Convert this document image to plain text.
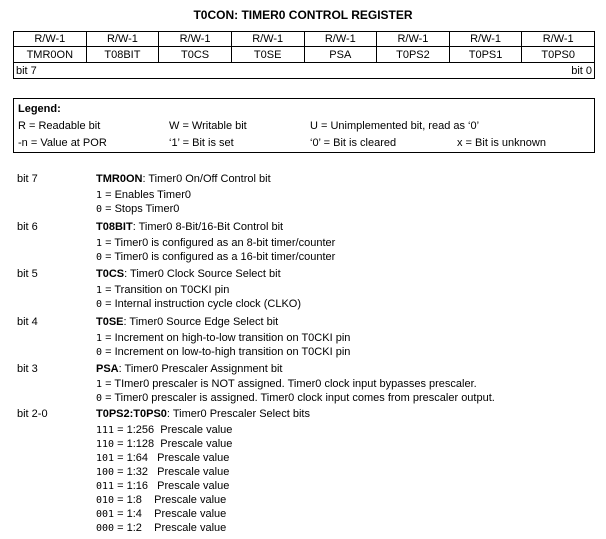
T0CON: TIMER0 CONTROL REGISTER
R/W-1	R/W-1	R/W-1	R/W-1	R/W-1	R/W-1	R/W-1	R/W-1
TMR0ON	T08BIT	T0CS	T0SE	PSA	T0PS2	T0PS1	T0PS0

bit 7 bit 0							
Legend:
R = Readable bit	W = Writable bit	U = Unimplemented bit, read as ‘0’
-n = Value at POR	‘1’ = Bit is set	‘0’ = Bit is cleared	x = Bit is unknown
bit 7	TMR0ON: Timer0 On/Off Control bit
1 = Enables Timer0
0 = Stops Timer0
bit 6	T08BIT: Timer0 8-Bit/16-Bit Control bit
1 = Timer0 is configured as an 8-bit timer/counter
0 = Timer0 is configured as a 16-bit timer/counter
bit 5	T0CS: Timer0 Clock Source Select bit
1 = Transition on T0CKI pin
0 = Internal instruction cycle clock (CLKO)
bit 4	T0SE: Timer0 Source Edge Select bit
1 = Increment on high-to-low transition on T0CKI pin
0 = Increment on low-to-high transition on T0CKI pin
bit 3	PSA: Timer0 Prescaler Assignment bit
1 = TImer0 prescaler is NOT assigned. Timer0 clock input bypasses prescaler.
0 = Timer0 prescaler is assigned. Timer0 clock input comes from prescaler output.
bit 2-0	T0PS2:T0PS0: Timer0 Prescaler Select bits
111 = 1:256  Prescale value
110 = 1:128  Prescale value
101 = 1:64   Prescale value
100 = 1:32   Prescale value
011 = 1:16   Prescale value
010 = 1:8    Prescale value
001 = 1:4    Prescale value
000 = 1:2    Prescale value
